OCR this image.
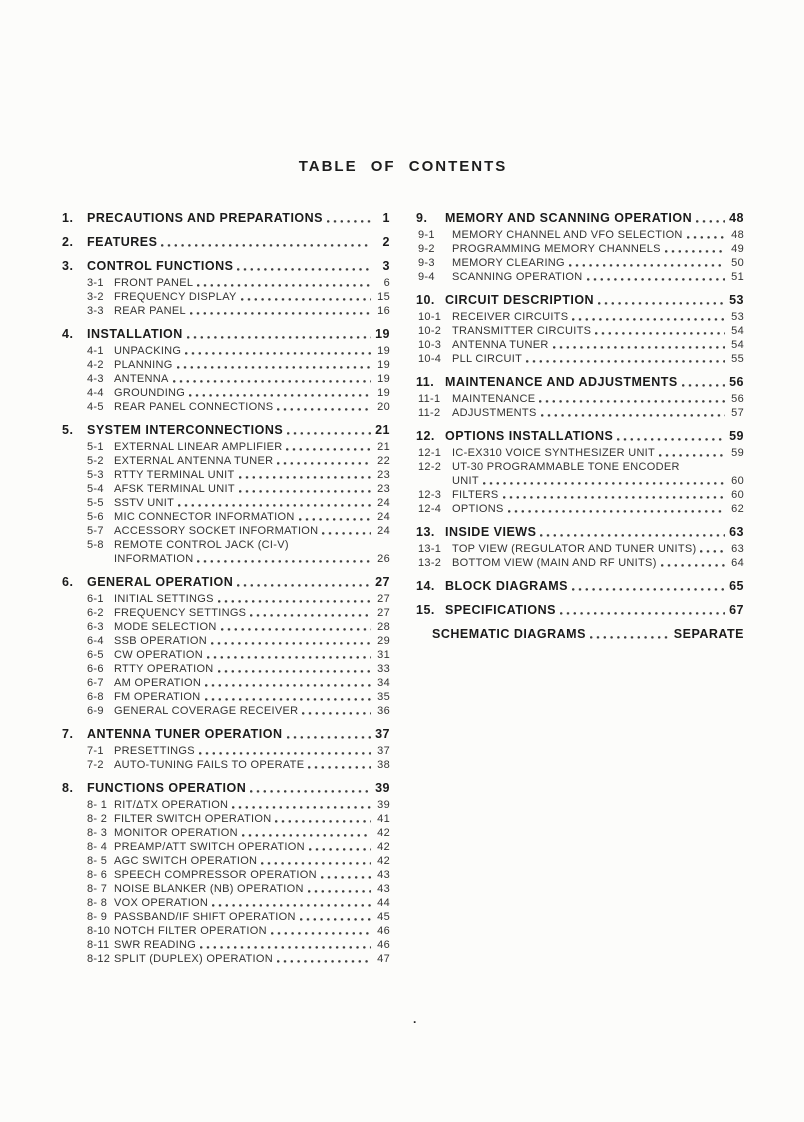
TABLE OF CONTENTS
1.	PRECAUTIONS AND PREPARATIONS	1
2.	FEATURES	2
3.	CONTROL FUNCTIONS	3
3-1 FRONT PANEL	6
3-2 FREQUENCY DISPLAY	15
3-3 REAR PANEL	16
4.	INSTALLATION	19
4-1 UNPACKING	19
4-2 PLANNING	19
4-3 ANTENNA	19
4-4 GROUNDING	19
4-5 REAR PANEL CONNECTIONS	20
5.	SYSTEM INTERCONNECTIONS	21
5-1 EXTERNAL LINEAR AMPLIFIER	21
5-2 EXTERNAL ANTENNA TUNER	22
5-3 RTTY TERMINAL UNIT	23
5-4 AFSK TERMINAL UNIT	23
5-5 SSTV UNIT	24
5-6 MIC CONNECTOR INFORMATION	24
5-7 ACCESSORY SOCKET INFORMATION	24
5-8 REMOTE CONTROL JACK (CI-V)
INFORMATION	26
6.	GENERAL OPERATION	27
6-1 INITIAL SETTINGS	27
6-2 FREQUENCY SETTINGS	27
6-3 MODE SELECTION	28
6-4 SSB OPERATION	29
6-5 CW OPERATION	31
6-6 RTTY OPERATION	33
6-7 AM OPERATION	34
6-8 FM OPERATION	35
6-9 GENERAL COVERAGE RECEIVER	36
7.	ANTENNA TUNER OPERATION	37
7-1 PRESETTINGS	37
7-2 AUTO-TUNING FAILS TO OPERATE	38
8.	FUNCTIONS OPERATION	39
8- 1 RIT/ΔTX OPERATION	39
8- 2 FILTER SWITCH OPERATION	41
8- 3 MONITOR OPERATION	42
8- 4 PREAMP/ATT SWITCH OPERATION	42
8- 5 AGC SWITCH OPERATION	42
8- 6 SPEECH COMPRESSOR OPERATION	43
8- 7 NOISE BLANKER (NB) OPERATION	43
8- 8 VOX OPERATION	44
8- 9 PASSBAND/IF SHIFT OPERATION	45
8-10 NOTCH FILTER OPERATION	46
8-11 SWR READING	46
8-12 SPLIT (DUPLEX) OPERATION	47
9.	MEMORY AND SCANNING OPERATION	48
9-1	MEMORY CHANNEL AND VFO SELECTION	48
9-2	PROGRAMMING MEMORY CHANNELS	49
9-3	MEMORY CLEARING	50
9-4	SCANNING OPERATION	51
10. CIRCUIT DESCRIPTION	53
10-1 RECEIVER CIRCUITS	53
10-2 TRANSMITTER CIRCUITS	54
10-3 ANTENNA TUNER	54
10-4 PLL CIRCUIT	55
11. MAINTENANCE AND ADJUSTMENTS	56
11-1	MAINTENANCE	56
11-2	ADJUSTMENTS	57
12. OPTIONS INSTALLATIONS	59
12-1 IC-EX310 VOICE SYNTHESIZER UNIT	59
12-2 UT-30 PROGRAMMABLE TONE ENCODER
UNIT	60
12-3 FILTERS	60
12-4 OPTIONS	62
13. INSIDE VIEWS	63
13-1 TOP VIEW (REGULATOR AND TUNER UNITS)	63
13-2 BOTTOM VIEW (MAIN AND RF UNITS)	64
14. BLOCK DIAGRAMS	65
15. SPECIFICATIONS	67
SCHEMATIC DIAGRAMS	SEPARATE
.
